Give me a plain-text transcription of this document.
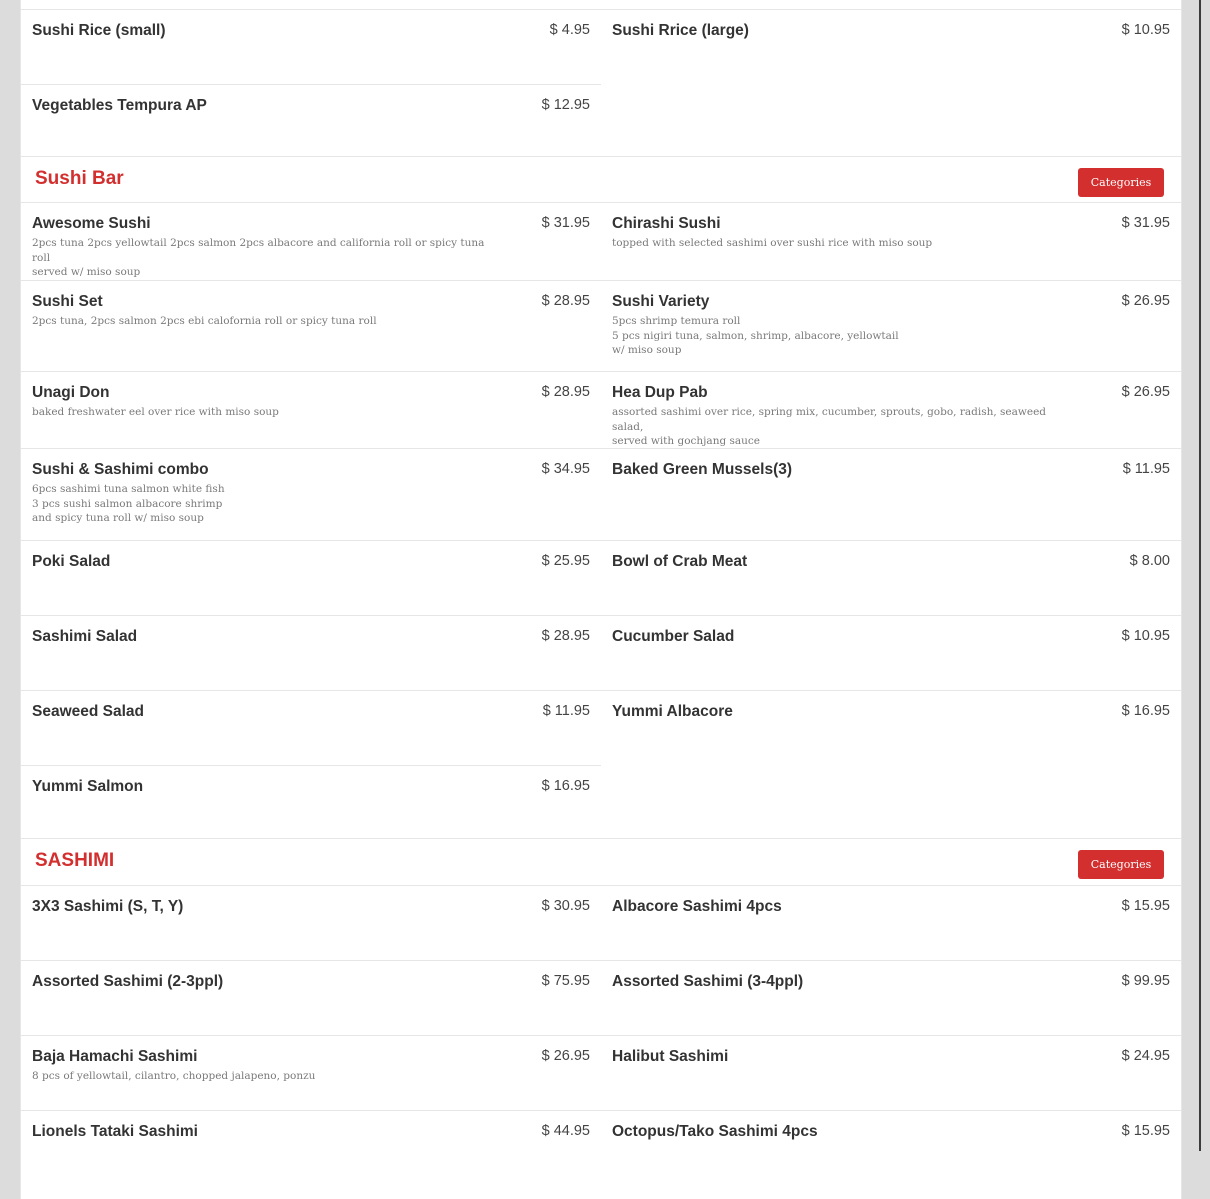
Sushi Rice (small)	$ 4.95 Sushi Rrice (large)	$ 10.95
Vegetables Tempura AP	$ 12.95
Sushi Bar	Categories
Awesome Sushi	$ 31.95
2pcs tuna 2pcs yellowtail 2pcs salmon 2pcs albacore and california roll or spicy tuna roll
served w/ miso soup
Chirashi Sushi	$ 31.95
topped with selected sashimi over sushi rice with miso soup
Sushi Set	$ 28.95
2pcs tuna, 2pcs salmon 2pcs ebi calofornia roll or spicy tuna roll
Sushi Variety	$ 26.95
5pcs shrimp temura roll
5 pcs nigiri tuna, salmon, shrimp, albacore, yellowtail
w/ miso soup
Unagi Don	$ 28.95
baked freshwater eel over rice with miso soup
Hea Dup Pab	$ 26.95
assorted sashimi over rice, spring mix, cucumber, sprouts, gobo, radish, seaweed salad,
served with gochjang sauce
Sushi & Sashimi combo	$ 34.95
6pcs sashimi tuna salmon white fish
3 pcs sushi salmon albacore shrimp
and spicy tuna roll w/ miso soup
Baked Green Mussels(3)	$ 11.95
Poki Salad	$ 25.95 Bowl of Crab Meat	$ 8.00
Sashimi Salad	$ 28.95 Cucumber Salad	$ 10.95
Seaweed Salad	$ 11.95 Yummi Albacore	$ 16.95
Yummi Salmon	$ 16.95
SASHIMI	Categories
3X3 Sashimi (S, T, Y)	$ 30.95 Albacore Sashimi 4pcs	$ 15.95
Assorted Sashimi (2-3ppl)	$ 75.95 Assorted Sashimi (3-4ppl)	$ 99.95
Baja Hamachi Sashimi	$ 26.95
8 pcs of yellowtail, cilantro, chopped jalapeno, ponzu
Halibut Sashimi	$ 24.95
Lionels Tataki Sashimi	$ 44.95 Octopus/Tako Sashimi 4pcs	$ 15.95
